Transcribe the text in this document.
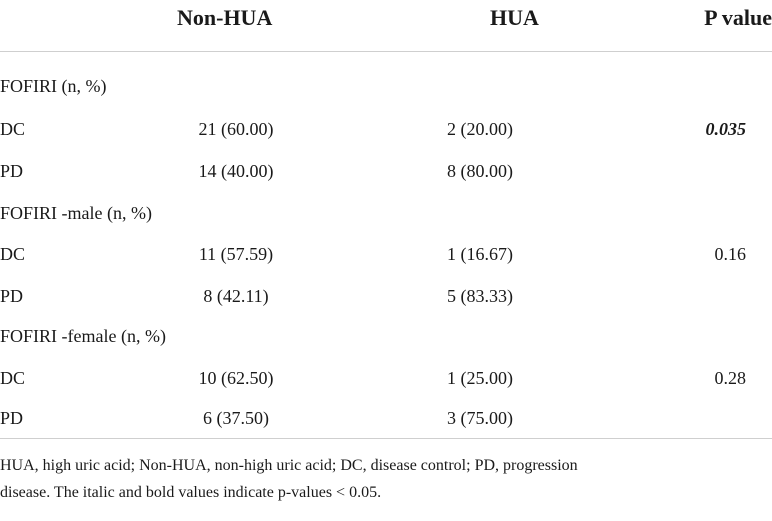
Non-HUA	HUA	P value
FOFIRI (n, %)
DC	21 (60.00)	2 (20.00)	0.035
PD	14 (40.00)	8 (80.00)
FOFIRI -male (n, %)
DC	11 (57.59)	1 (16.67)	0.16
PD	8 (42.11)	5 (83.33)
FOFIRI -female (n, %)
DC	10 (62.50)	1 (25.00)	0.28
PD	6 (37.50)	3 (75.00)
HUA, high uric acid; Non-HUA, non-high uric acid; DC, disease control; PD, progression
disease. The italic and bold values indicate p-values < 0.05.
